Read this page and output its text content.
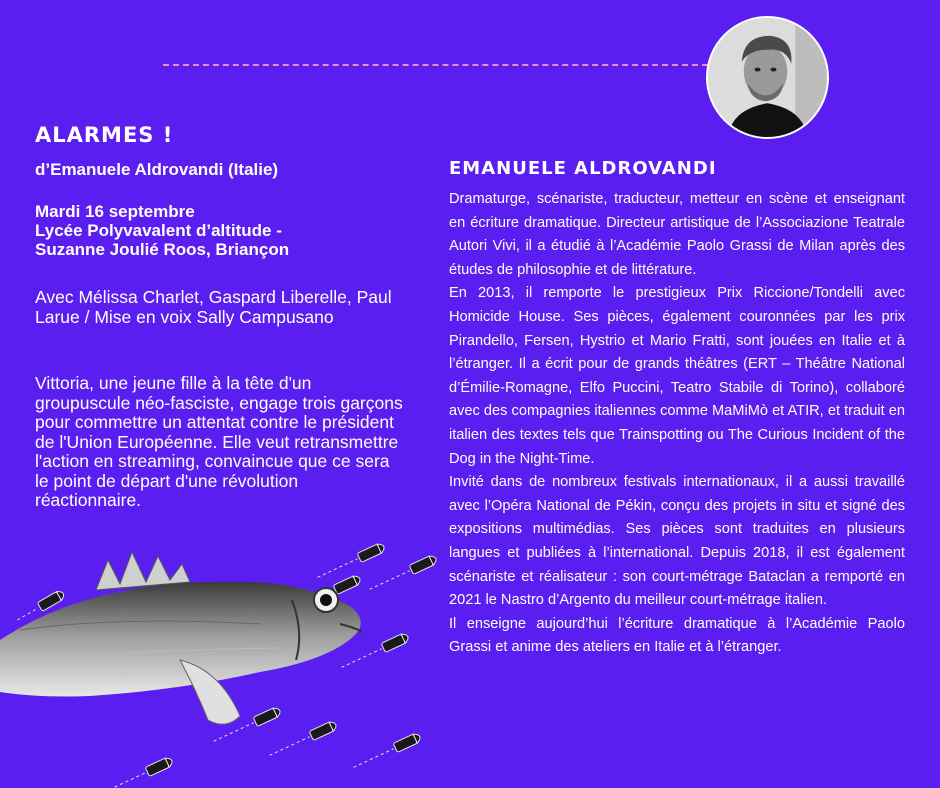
ALARMES !
d’Emanuele Aldrovandi (Italie)
Mardi 16 septembre
Lycée Polyvavalent d’altitude -
Suzanne Joulié Roos, Briançon
Avec Mélissa Charlet, Gaspard Liberelle, Paul Larue / Mise en voix Sally Campusano
Vittoria, une jeune fille à la tête d'un groupuscule néo-fasciste, engage trois garçons pour commettre un attentat contre le président de l'Union Européenne. Elle veut retransmettre l'action en streaming, convaincue que ce sera le point de départ d'une révolution réactionnaire.
EMANUELE ALDROVANDI

Dramaturge, scénariste, traducteur, metteur en scène et enseignant en écriture dramatique. Directeur artistique de l’Associazione Teatrale Autori Vivi, il a étudié à l’Académie Paolo Grassi de Milan après des études de philosophie et de littérature.

En 2013, il remporte le prestigieux Prix Riccione/Tondelli avec Homicide House. Ses pièces, également couronnées par les prix Pirandello, Fersen, Hystrio et Mario Fratti, sont jouées en Italie et à l’étranger. Il a écrit pour de grands théâtres (ERT – Théâtre National d’Émilie-Romagne, Elfo Puccini, Teatro Stabile di Torino), collaboré avec des compagnies italiennes comme MaMiMò et ATIR, et traduit en italien des textes tels que Trainspotting ou The Curious Incident of the Dog in the Night-Time.

Invité dans de nombreux festivals internationaux, il a aussi travaillé avec l’Opéra National de Pékin, conçu des projets in situ et signé des expositions multimédias. Ses pièces sont traduites en plusieurs langues et publiées à l’international. Depuis 2018, il est également scénariste et réalisateur : son court-métrage Bataclan a remporté en 2021 le Nastro d’Argento du meilleur court-métrage italien.

Il enseigne aujourd’hui l’écriture dramatique à l’Académie Paolo Grassi et anime des ateliers en Italie et à l’étranger.
